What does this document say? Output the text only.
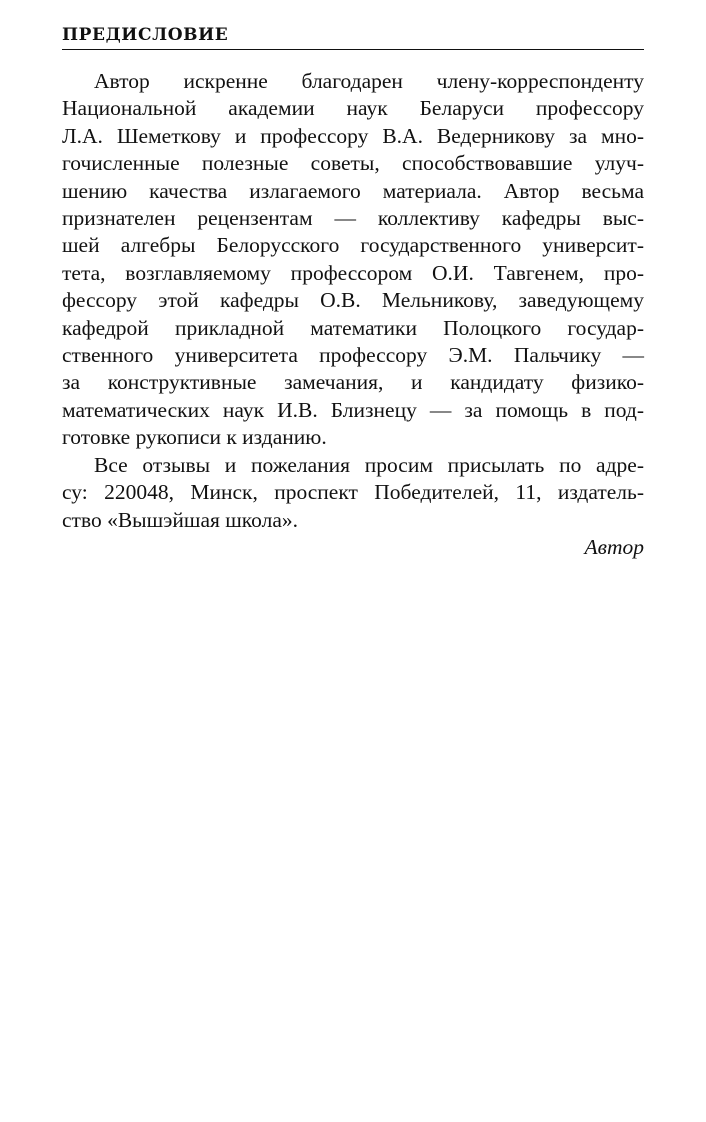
ПРЕДИСЛОВИЕ
Автор искренне благодарен члену-корреспонденту
Национальной академии наук Беларуси профессору
Л.А. Шеметкову и профессору В.А. Ведерникову за мно-
гочисленные полезные советы, способствовавшие улуч-
шению качества излагаемого материала. Автор весьма
признателен рецензентам — коллективу кафедры выс-
шей алгебры Белорусского государственного университ-
тета, возглавляемому профессором О.И. Тавгенем, про-
фессору этой кафедры О.В. Мельникову, заведующему
кафедрой прикладной математики Полоцкого государ-
ственного университета профессору Э.М. Пальчику —
за конструктивные замечания, и кандидату физико-
математических наук И.В. Близнецу — за помощь в под-
готовке рукописи к изданию.
Все отзывы и пожелания просим присылать по адре-
су: 220048, Минск, проспект Победителей, 11, издатель-
ство «Вышэйшая школа».
Автор
